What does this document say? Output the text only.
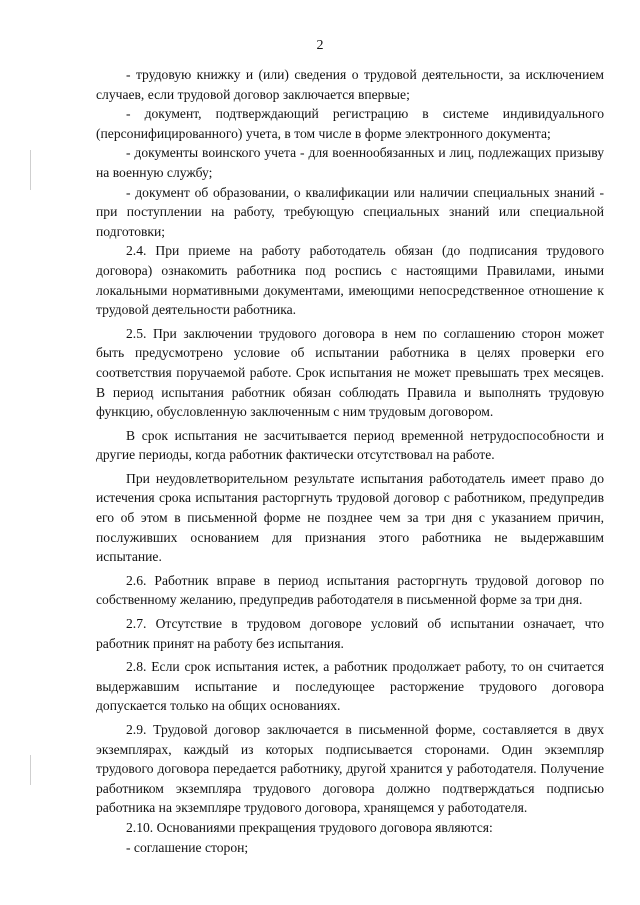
2

- трудовую книжку и (или) сведения о трудовой деятельности, за исключением случаев, если трудовой договор заключается впервые;

- документ, подтверждающий регистрацию в системе индивидуального (персонифицированного) учета, в том числе в форме электронного документа;

- документы воинского учета - для военнообязанных и лиц, подлежащих призыву на военную службу;

- документ об образовании, о квалификации или наличии специальных знаний - при поступлении на работу, требующую специальных знаний или специальной подготовки;

2.4. При приеме на работу работодатель обязан (до подписания трудового договора) ознакомить работника под роспись с настоящими Правилами, иными локальными нормативными документами, имеющими непосредственное отношение к трудовой деятельности работника.

2.5. При заключении трудового договора в нем по соглашению сторон может быть предусмотрено условие об испытании работника в целях проверки его соответствия поручаемой работе. Срок испытания не может превышать трех месяцев. В период испытания работник обязан соблюдать Правила и выполнять трудовую функцию, обусловленную заключенным с ним трудовым договором.

В срок испытания не засчитывается период временной нетрудоспособности и другие периоды, когда работник фактически отсутствовал на работе.

При неудовлетворительном результате испытания работодатель имеет право до истечения срока испытания расторгнуть трудовой договор с работником, предупредив его об этом в письменной форме не позднее чем за три дня с указанием причин, послуживших основанием для признания этого работника не выдержавшим испытание.

2.6. Работник вправе в период испытания расторгнуть трудовой договор по собственному желанию, предупредив работодателя в письменной форме за три дня.

2.7. Отсутствие в трудовом договоре условий об испытании означает, что работник принят на работу без испытания.

2.8. Если срок испытания истек, а работник продолжает работу, то он считается выдержавшим испытание и последующее расторжение трудового договора допускается только на общих основаниях.

2.9. Трудовой договор заключается в письменной форме, составляется в двух экземплярах, каждый из которых подписывается сторонами. Один экземпляр трудового договора передается работнику, другой хранится у работодателя. Получение работником экземпляра трудового договора должно подтверждаться подписью работника на экземпляре трудового договора, хранящемся у работодателя.

2.10. Основаниями прекращения трудового договора являются:

- соглашение сторон;
